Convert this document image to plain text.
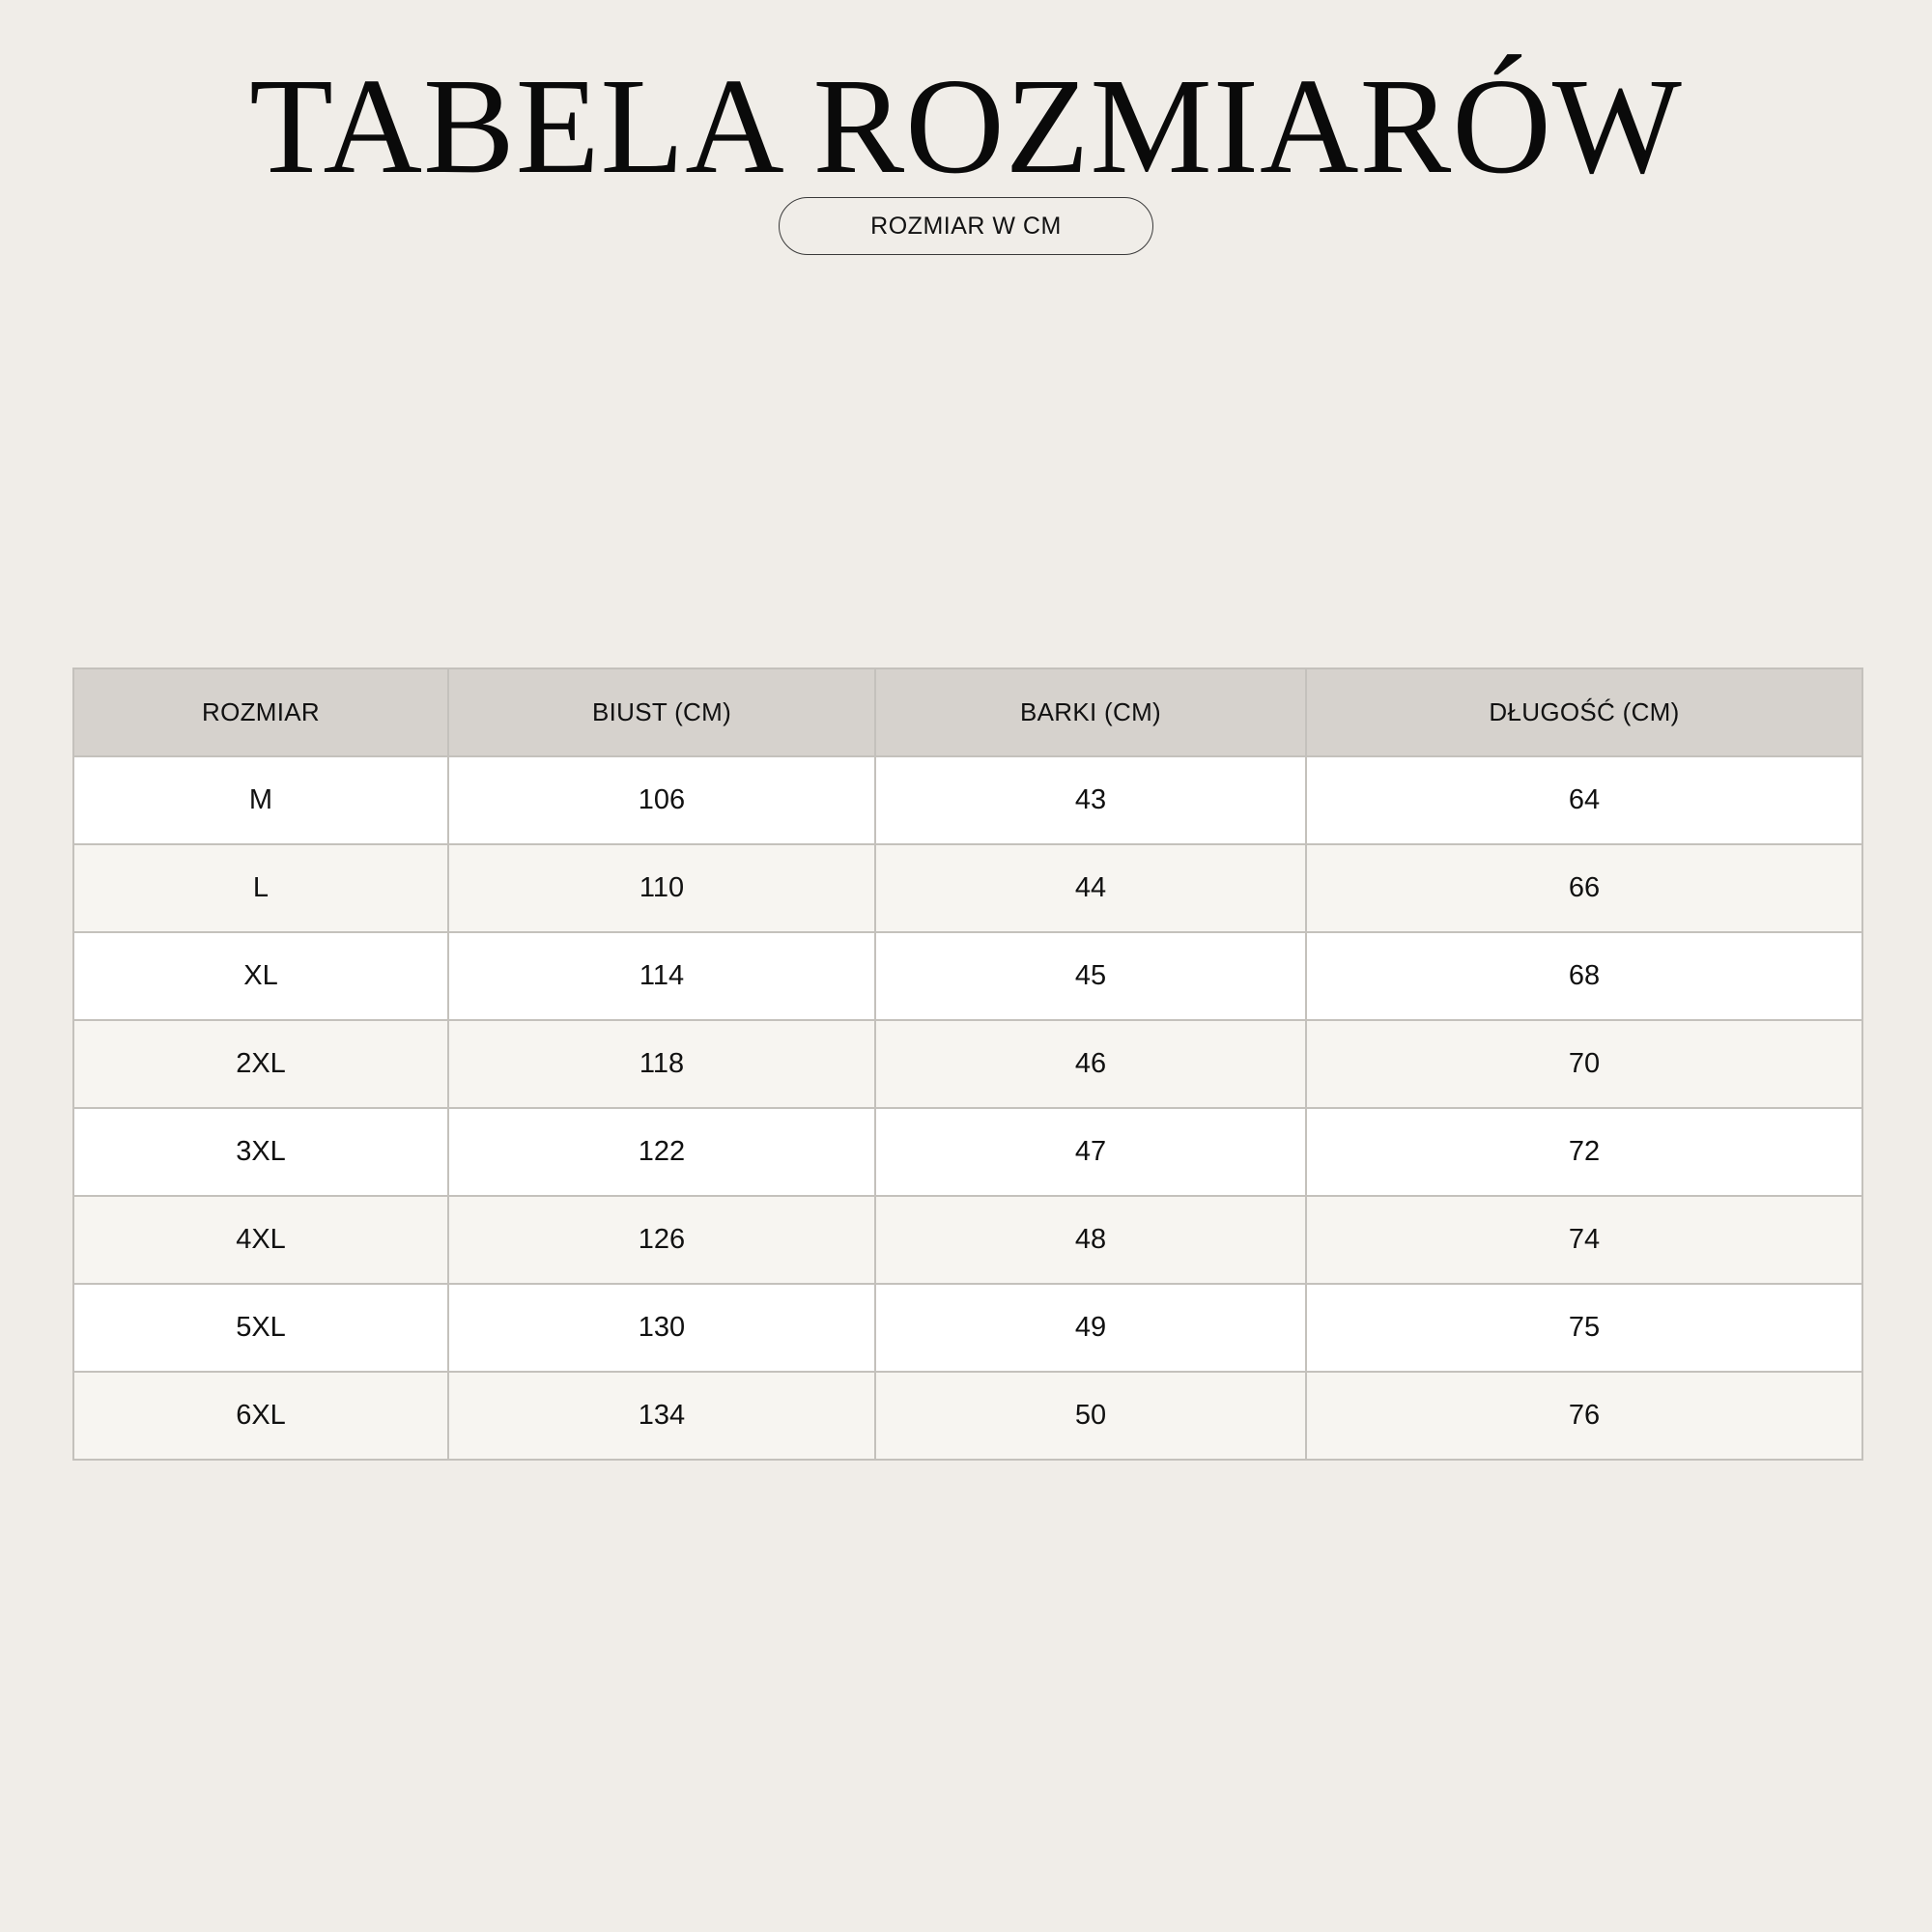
TABELA ROZMIARÓW
ROZMIAR W CM
ROZMIAR	BIUST (CM)	BARKI (CM)	DŁUGOŚĆ (CM)
M	106	43	64
L	110	44	66
XL	114	45	68
2XL	118	46	70
3XL	122	47	72
4XL	126	48	74
5XL	130	49	75
6XL	134	50	76
